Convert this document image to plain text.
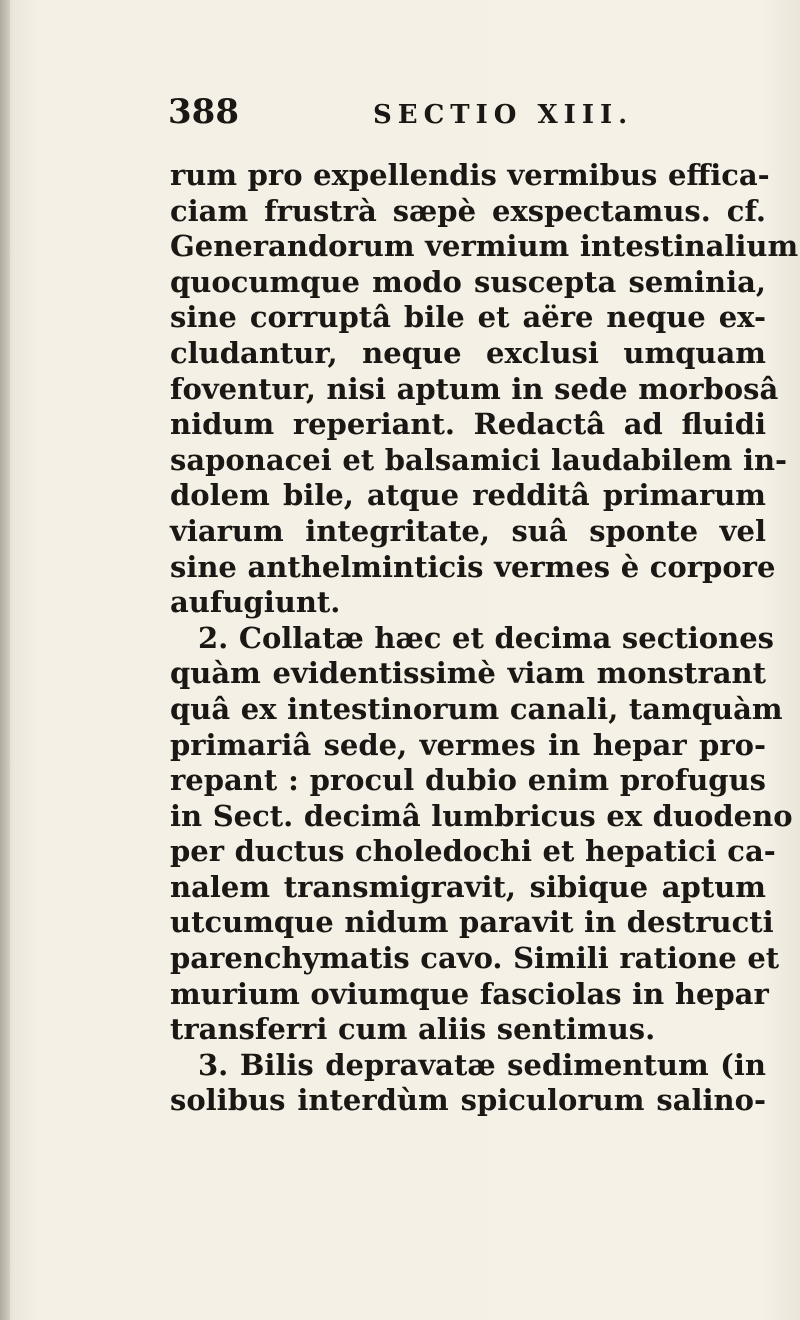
388	SECTIO XIII.
rum pro expellendis vermibus effica-
ciam frustrà sæpè exspectamus. cf.
Generandorum vermium intestinalium
quocumque modo suscepta seminia,
sine corruptâ bile et aëre neque ex-
cludantur, neque exclusi umquam
foventur, nisi aptum in sede morbosâ
nidum reperiant. Redactâ ad fluidi
saponacei et balsamici laudabilem in-
dolem bile, atque redditâ primarum
viarum integritate, suâ sponte vel
sine anthelminticis vermes è corpore
aufugiunt.
2. Collatæ hæc et decima sectiones
quàm evidentissimè viam monstrant
quâ ex intestinorum canali, tamquàm
primariâ sede, vermes in hepar pro-
repant : procul dubio enim profugus
in Sect. decimâ lumbricus ex duodeno
per ductus choledochi et hepatici ca-
nalem transmigravit, sibique aptum
utcumque nidum paravit in destructi
parenchymatis cavo. Simili ratione et
murium oviumque fasciolas in hepar
transferri cum aliis sentimus.
3. Bilis depravatæ sedimentum (in
solibus interdùm spiculorum salino-
